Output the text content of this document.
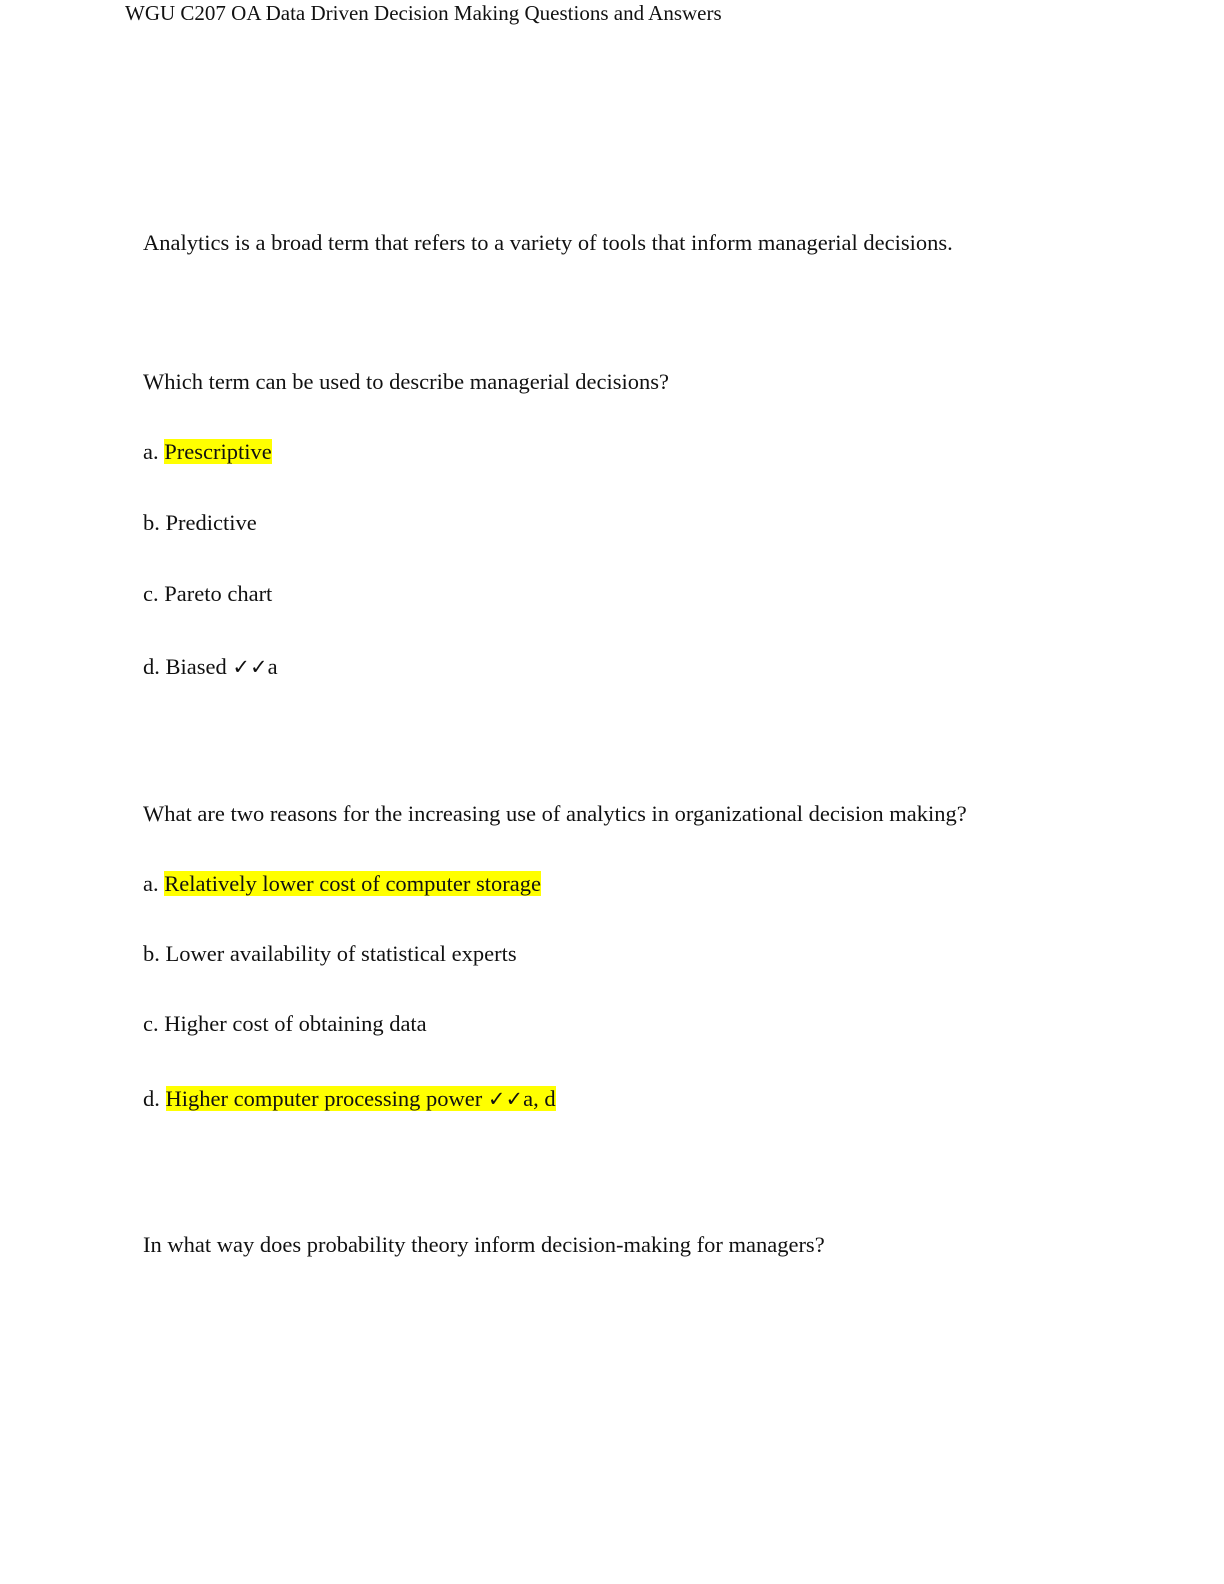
WGU C207 OA Data Driven Decision Making Questions and Answers
Analytics is a broad term that refers to a variety of tools that inform managerial decisions.
Which term can be used to describe managerial decisions?
a. Prescriptive
b. Predictive
c. Pareto chart
d. Biased ✓✓a
What are two reasons for the increasing use of analytics in organizational decision making?
a. Relatively lower cost of computer storage
b. Lower availability of statistical experts
c. Higher cost of obtaining data
d. Higher computer processing power ✓✓a, d
In what way does probability theory inform decision-making for managers?
